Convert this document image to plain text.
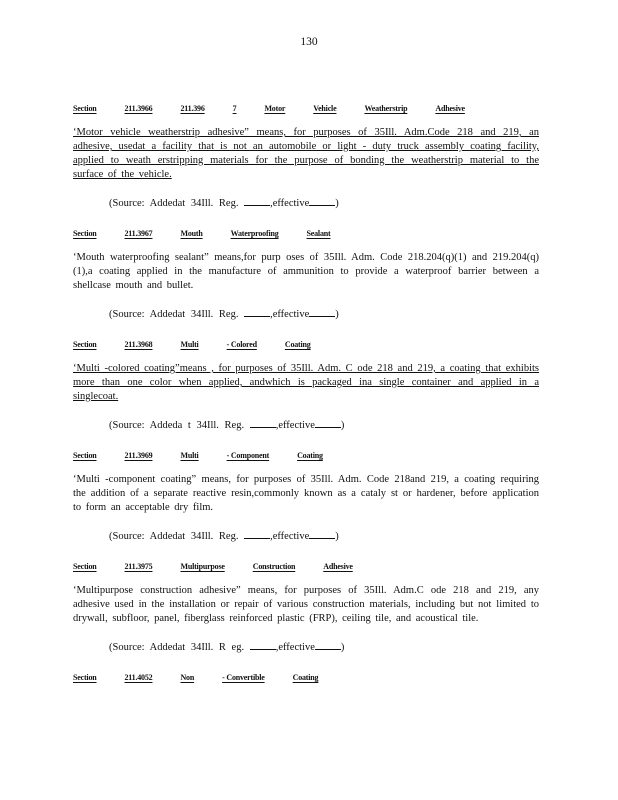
130
Section	211.3966	211.396	7	Motor	Vehicle	Weatherstrip	Adhesive
‘Motor vehicle weatherstrip adhesive” means, for purposes of 35Ill. Adm.Code 218 and 219, an adhesive, usedat a facility that is not an automobile or light - duty truck assembly coating facility, applied to weath erstripping materials for the purpose of bonding the weatherstrip material to the surface of the vehicle.
(Source: Addedat 34Ill. Reg. ,effective )
Section	211.3967	Mouth	Waterproofing	Sealant
‘Mouth waterproofing sealant” means,for purp oses of 35Ill. Adm. Code 218.204(q)(1) and 219.204(q)(1),a coating applied in the manufacture of ammunition to provide a waterproof barrier between a shellcase mouth and bullet.
(Source: Addedat 34Ill. Reg. ,effective )
Section	211.3968	Multi	- Colored	Coating
‘Multi -colored coating”means , for purposes of 35Ill. Adm. C ode 218 and 219, a coating that exhibits more than one color when applied, andwhich is packaged ina single container and applied in a singlecoat.
(Source: Addeda t 34Ill. Reg. ,effective )
Section	211.3969	Multi	- Component	Coating
‘Multi -component coating” means, for purposes of 35Ill. Adm. Code 218and 219, a coating requiring the addition of a separate reactive resin,commonly known as a cataly st or hardener, before application to form an acceptable dry film.
(Source: Addedat 34Ill. Reg. ,effective )
Section	211.3975	Multipurpose	Construction	Adhesive
‘Multipurpose construction adhesive” means, for purposes of 35Ill. Adm.C ode 218 and 219, any adhesive used in the installation or repair of various construction materials, including but not limited to drywall, subfloor, panel, fiberglass reinforced plastic (FRP), ceiling tile, and acoustical tile.
(Source: Addedat 34Ill. R eg. ,effective )
Section	211.4052	Non	- Convertible	Coating
